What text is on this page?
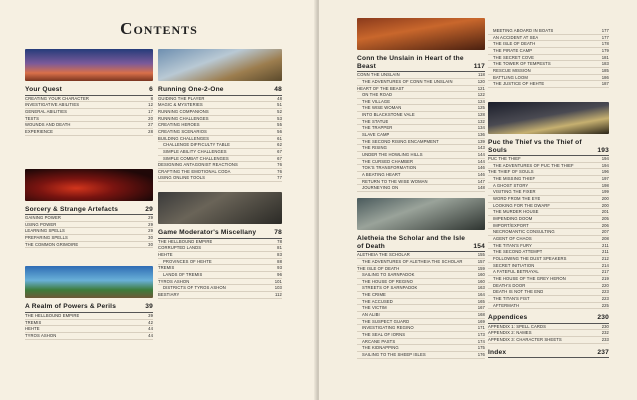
Contents
Your Quest	6
CREATING YOUR CHARACTER	8
INVESTIGATIVE ABILITIES	12
GENERAL ABILITIES	17
TESTS	20
WOUNDS AND DEATH	27
EXPERIENCE	28
Sorcery & Strange Artefacts	29
GAINING POWER	29
USING POWER	29
LEARNING SPELLS	29
PREPARING SPELLS	30
THE COMMON GRIMOIRE	30
A Realm of Powers & Perils	39
THE HELLBOUND EMPIRE	39
TREMIS	42
HEHTE	44
TYROS ASHON	44
Running One-2-One	48
GUIDING THE PLAYER	48
MAGIC & MYSTERIES	51
RUNNING COMPANIONS	52
RUNNING CHALLENGES	53
CREATING HEROES	55
CREATING SCENARIOS	56
BUILDING CHALLENGES	61
CHALLENGE DIFFICULTY TABLE	62
SIMPLE ABILITY CHALLENGES	67
SIMPLE COMBAT CHALLENGES	67
DESIGNING ANTAGONIST REACTIONS	76
CRAFTING THE EMOTIONAL CODA	76
USING ONLINE TOOLS	77
Game Moderator's Miscellany	78
THE HELLBOUND EMPIRE	78
CORRUPTED LANDS	81
HEHTE	83
PROVINCES OF HEHTE	88
TREMIS	93
LANDS OF TREMIS	96
TYROS ASHON	101
DISTRICTS OF TYROS ASHON	103
BESTIARY	112
Conn the Unslain in Heart of the Beast	117
CONN THE UNSLAIN	118
THE ADVENTURES OF CONN THE UNSLAIN	120
HEART OF THE BEAST	121
ON THE ROAD	122
THE VILLAGE	124
THE WISE WOMAN	125
INTO BLACKSTONE VALE	128
THE STATUE	132
THE TRAPPER	134
SLAVE CAMP	136
THE SECOND RISING ENCAMPMENT	139
THE RISING	143
UNDER THE HOWLING HILLS	144
THE CURSED CHAMBER	144
TOK'S TRANSFORMATION	146
A BEATING HEART	146
RETURN TO THE WISE WOMAN	147
JOURNEYING ON	148
Aletheia the Scholar and the Isle of Death	154
ALETHEIA THE SCHOLAR	155
THE ADVENTURES OF ALETHEIA THE SCHOLAR	157
THE ISLE OF DEATH	159
SAILING TO SARNPADOK	160
THE HOUSE OF REGINO	160
STREETS OF SARNPADOK	163
THE CRIME	164
THE ACCUSED	165
THE VICTIM	167
AN ALIBI	168
THE SUSPECT GUARD	169
INVESTIGATING REGINO	171
THE SEAL OF IORNS	173
ARCANE PASTS	174
THE KIDNAPPING	175
SAILING TO THE SHEEP ISLES	176
MEETING ABOARD IN BOATS	177
AN ACCIDENT AT SEA	177
THE ISLE OF DEATH	178
THE PIRATE CAMP	179
THE SECRET COVE	181
THE TOWER OF TEMPESTS	183
RESCUE MISSION	185
BATTLING LOOM	186
THE JUSTICE OF HEHTE	187
Puc the Thief vs the Thief of Souls	193
PUC THE THIEF	194
THE ADVENTURES OF PUC THE THIEF	194
THE THIEF OF SOULS	196
THE MISSING THIEF	197
A GHOST STORY	198
VISITING THE FIXER	199
WORD FROM THE EYE	200
LOOKING FOR THE DWARF	200
THE MURDER HOUSE	201
IMPENDING DOOM	205
IMPORT/EXPORT	206
NECROMANTIC CONSULTING	207
AGENT OF CHAOS	208
THE TITAN'S FURY	211
THE SECOND ATTEMPT	211
FOLLOWING THE DUST SPEAKERS	212
SECRET INITIATION	214
A FATEFUL BETRAYAL	217
THE HOUSE OF THE GREY HERON	219
DEATH'S DOOR	220
DEATH IS NOT THE END	223
THE TITAN'S FIST	223
AFTERMATH	225
Appendices	230
APPENDIX 1: SPELL CARDS	230
APPENDIX 2: NAMES	232
APPENDIX 3: CHARACTER SHEETS	233
Index	237
